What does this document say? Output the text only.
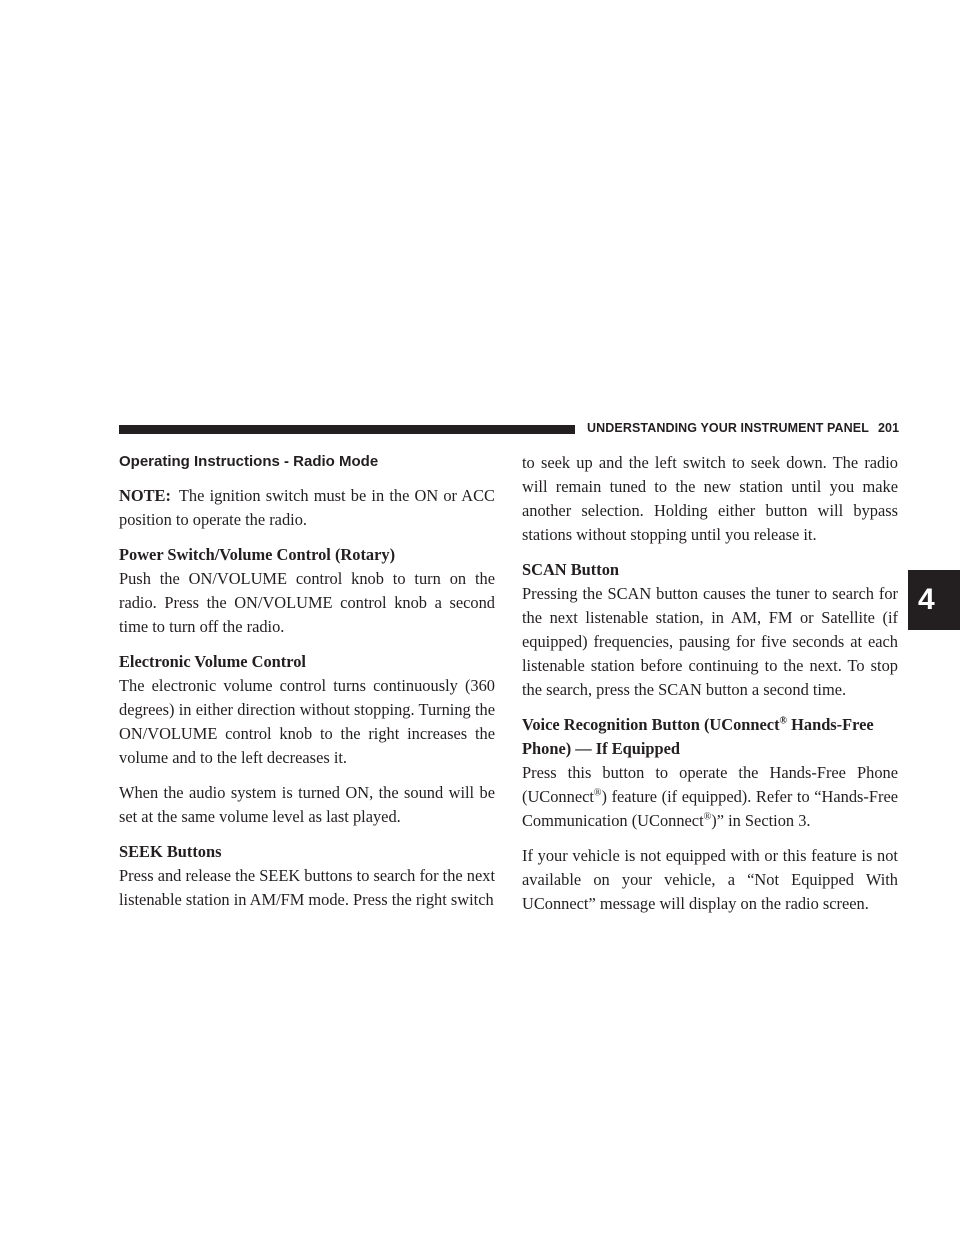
UNDERSTANDING YOUR INSTRUMENT PANEL 201
4
Operating Instructions - Radio Mode

NOTE: The ignition switch must be in the ON or ACC position to operate the radio.

Power Switch/Volume Control (Rotary)

Push the ON/VOLUME control knob to turn on the radio. Press the ON/VOLUME control knob a second time to turn off the radio.

Electronic Volume Control

The electronic volume control turns continuously (360 degrees) in either direction without stopping. Turning the ON/VOLUME control knob to the right increases the volume and to the left decreases it.

When the audio system is turned ON, the sound will be set at the same volume level as last played.

SEEK Buttons

Press and release the SEEK buttons to search for the next listenable station in AM/FM mode. Press the right switch

to seek up and the left switch to seek down. The radio will remain tuned to the new station until you make another selection. Holding either button will bypass stations without stopping until you release it.

SCAN Button

Pressing the SCAN button causes the tuner to search for the next listenable station, in AM, FM or Satellite (if equipped) frequencies, pausing for five seconds at each listenable station before continuing to the next. To stop the search, press the SCAN button a second time.

Voice Recognition Button (UConnect® Hands-Free Phone) — If Equipped

Press this button to operate the Hands-Free Phone (UConnect®) feature (if equipped). Refer to “Hands-Free Communication (UConnect®)” in Section 3.

If your vehicle is not equipped with or this feature is not available on your vehicle, a “Not Equipped With UConnect” message will display on the radio screen.
